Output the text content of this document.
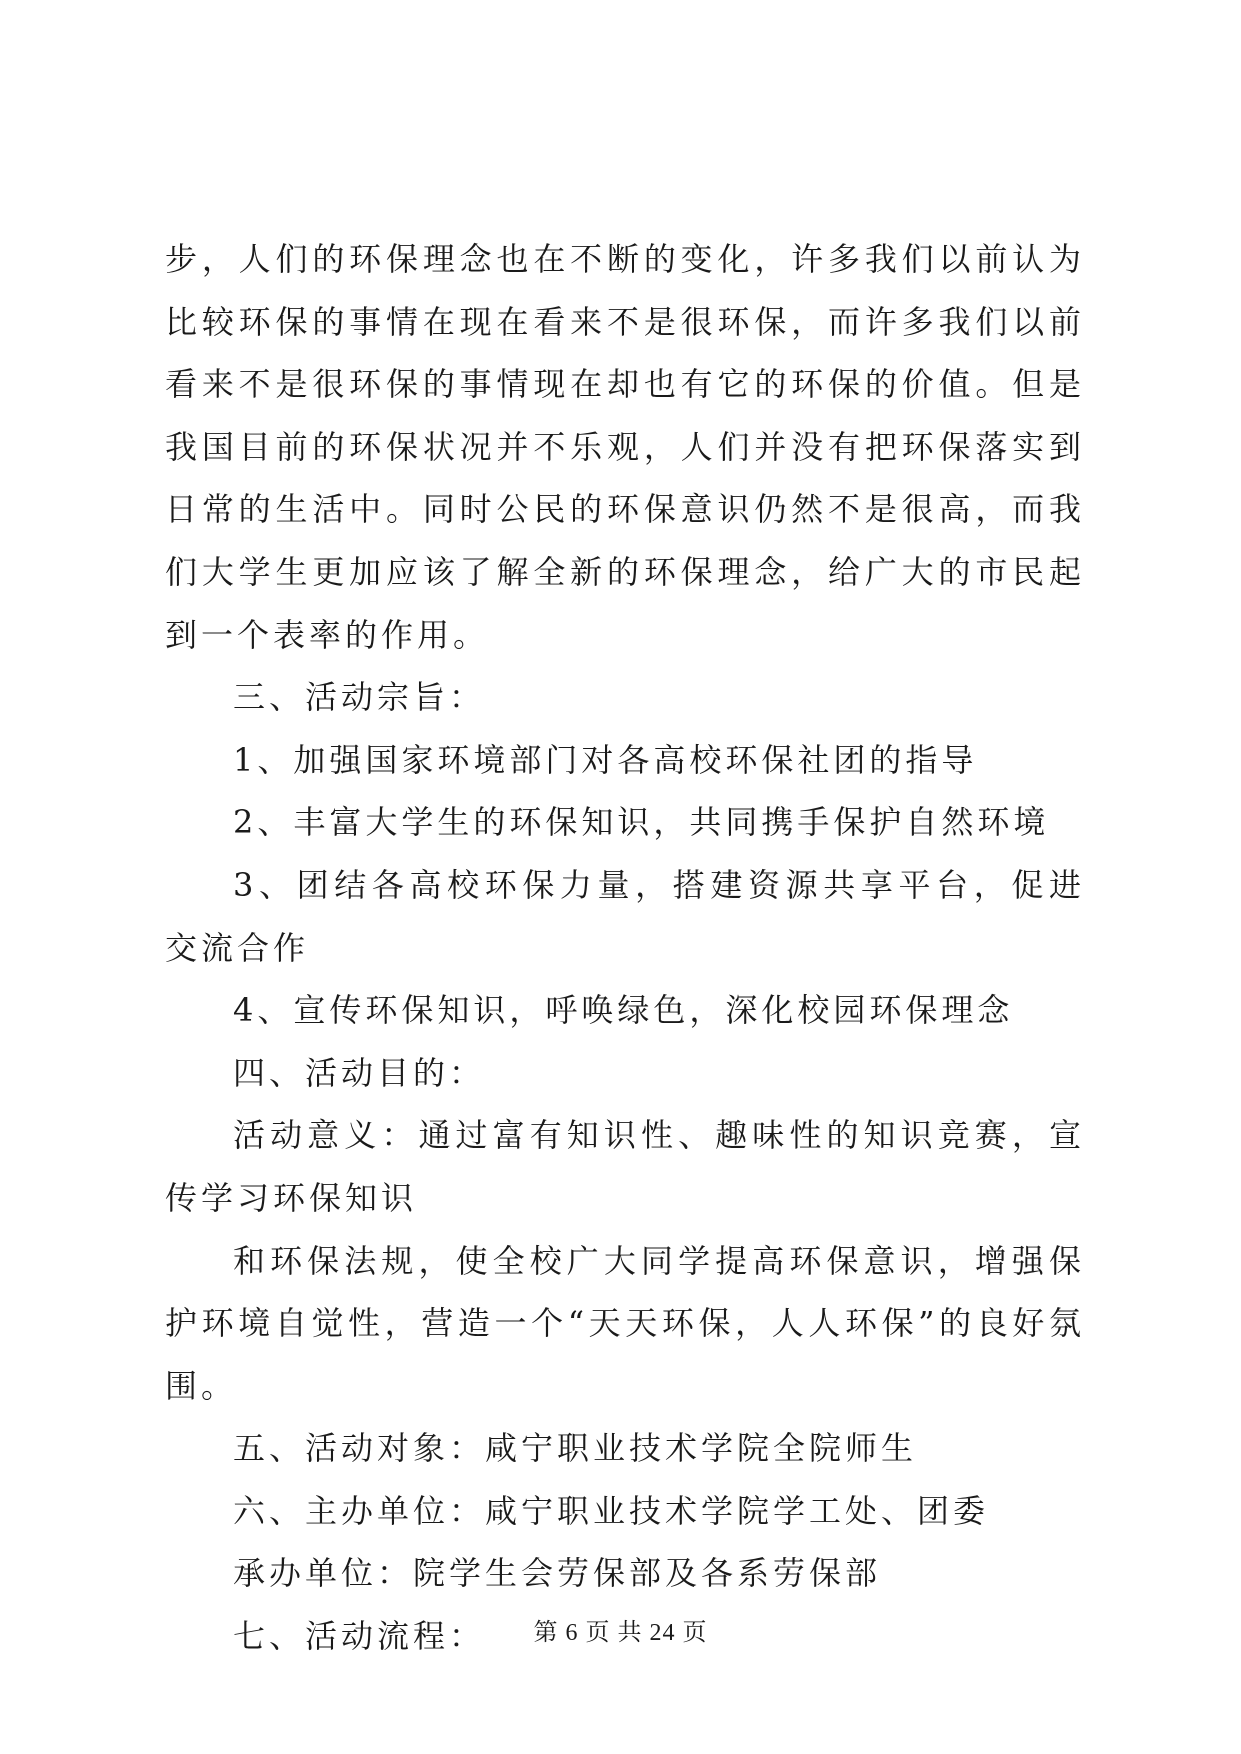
步，人们的环保理念也在不断的变化，许多我们以前认为比较环保的事情在现在看来不是很环保，而许多我们以前看来不是很环保的事情现在却也有它的环保的价值。但是我国目前的环保状况并不乐观，人们并没有把环保落实到日常的生活中。同时公民的环保意识仍然不是很高，而我们大学生更加应该了解全新的环保理念，给广大的市民起到一个表率的作用。

三、活动宗旨：

1、加强国家环境部门对各高校环保社团的指导

2、丰富大学生的环保知识，共同携手保护自然环境

3、团结各高校环保力量，搭建资源共享平台，促进交流合作

4、宣传环保知识，呼唤绿色，深化校园环保理念

四、活动目的：

活动意义：通过富有知识性、趣味性的知识竞赛，宣传学习环保知识

和环保法规，使全校广大同学提高环保意识，增强保护环境自觉性，营造一个“天天环保，人人环保”的良好氛围。

五、活动对象：咸宁职业技术学院全院师生

六、主办单位：咸宁职业技术学院学工处、团委

承办单位：院学生会劳保部及各系劳保部

七、活动流程：	第 6 页 共 24 页
